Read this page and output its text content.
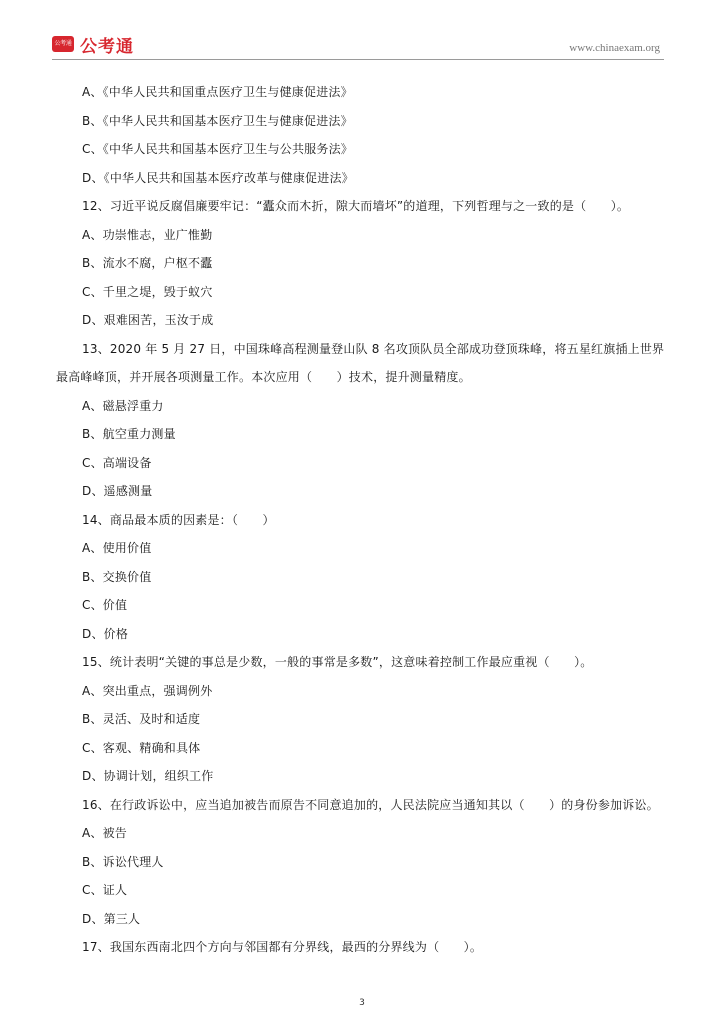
公考通 公考通	www.chinaexam.org
A、《中华人民共和国重点医疗卫生与健康促进法》
B、《中华人民共和国基本医疗卫生与健康促进法》
C、《中华人民共和国基本医疗卫生与公共服务法》
D、《中华人民共和国基本医疗改革与健康促进法》
12、习近平说反腐倡廉要牢记：“蠹众而木折，隙大而墙坏”的道理，下列哲理与之一致的是（　　）。
A、功崇惟志，业广惟勤
B、流水不腐，户枢不蠹
C、千里之堤，毁于蚁穴
D、艰难困苦，玉汝于成
13、2020 年 5 月 27 日，中国珠峰高程测量登山队 8 名攻顶队员全部成功登顶珠峰，将五星红旗插上世界
最高峰峰顶，并开展各项测量工作。本次应用（　　）技术，提升测量精度。
A、磁悬浮重力
B、航空重力测量
C、高端设备
D、遥感测量
14、商品最本质的因素是：（　　）
A、使用价值
B、交换价值
C、价值
D、价格
15、统计表明“关键的事总是少数，一般的事常是多数”，这意味着控制工作最应重视（　　）。
A、突出重点，强调例外
B、灵活、及时和适度
C、客观、精确和具体
D、协调计划，组织工作
16、在行政诉讼中，应当追加被告而原告不同意追加的，人民法院应当通知其以（　　）的身份参加诉讼。
A、被告
B、诉讼代理人
C、证人
D、第三人
17、我国东西南北四个方向与邻国都有分界线，最西的分界线为（　　）。
3
